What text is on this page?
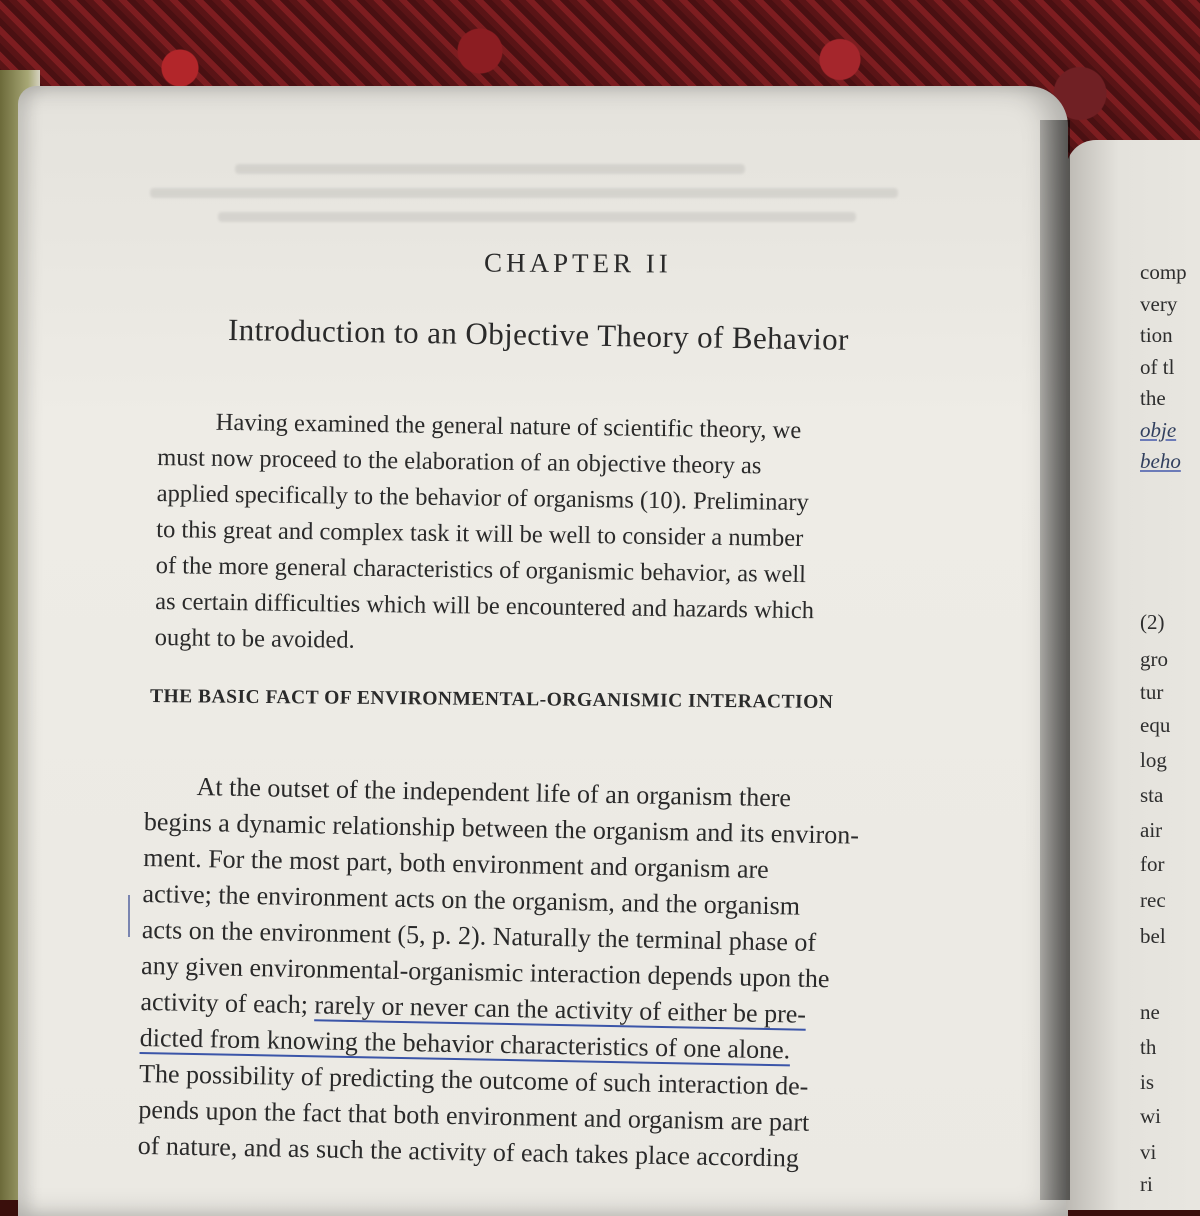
CHAPTER II
Introduction to an Objective Theory of Behavior
Having examined the general nature of scientific theory, we
must now proceed to the elaboration of an objective theory as
applied specifically to the behavior of organisms (10). Preliminary
to this great and complex task it will be well to consider a number
of the more general characteristics of organismic behavior, as well
as certain difficulties which will be encountered and hazards which
ought to be avoided.
THE BASIC FACT OF ENVIRONMENTAL-ORGANISMIC INTERACTION
At the outset of the independent life of an organism there
begins a dynamic relationship between the organism and its environ-
ment. For the most part, both environment and organism are
active; the environment acts on the organism, and the organism
acts on the environment (5, p. 2). Naturally the terminal phase of
any given environmental-organismic interaction depends upon the
activity of each; rarely or never can the activity of either be pre-
dicted from knowing the behavior characteristics of one alone.
The possibility of predicting the outcome of such interaction de-
pends upon the fact that both environment and organism are part
of nature, and as such the activity of each takes place according
comp
very
tion
of tl
the
obje
beho
(2)
gro
tur
equ
log
sta
air
for
rec
bel
ne
th
is
wi
vi
ri
